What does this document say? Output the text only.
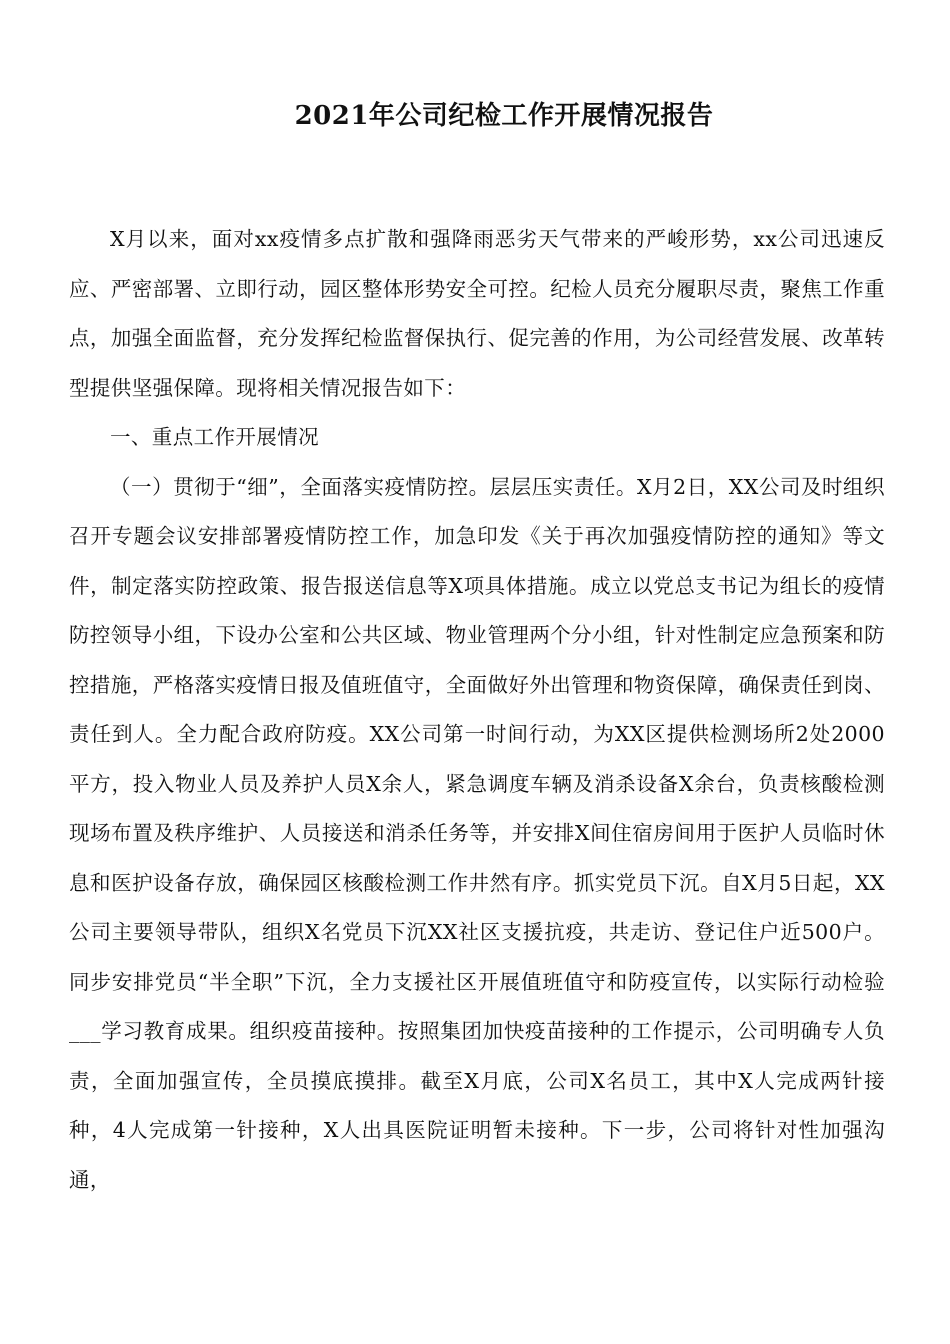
2021年公司纪检工作开展情况报告

X月以来，面对xx疫情多点扩散和强降雨恶劣天气带来的严峻形势，xx公司迅速反应、严密部署、立即行动，园区整体形势安全可控。纪检人员充分履职尽责，聚焦工作重点，加强全面监督，充分发挥纪检监督保执行、促完善的作用，为公司经营发展、改革转型提供坚强保障。现将相关情况报告如下：

一、重点工作开展情况

（一）贯彻于“细”，全面落实疫情防控。层层压实责任。X月2日，XX公司及时组织召开专题会议安排部署疫情防控工作，加急印发《关于再次加强疫情防控的通知》等文件，制定落实防控政策、报告报送信息等X项具体措施。成立以党总支书记为组长的疫情防控领导小组，下设办公室和公共区域、物业管理两个分小组，针对性制定应急预案和防控措施，严格落实疫情日报及值班值守，全面做好外出管理和物资保障，确保责任到岗、责任到人。全力配合政府防疫。XX公司第一时间行动，为XX区提供检测场所2处2000平方，投入物业人员及养护人员X余人，紧急调度车辆及消杀设备X余台，负责核酸检测现场布置及秩序维护、人员接送和消杀任务等，并安排X间住宿房间用于医护人员临时休息和医护设备存放，确保园区核酸检测工作井然有序。抓实党员下沉。自X月5日起，XX公司主要领导带队，组织X名党员下沉XX社区支援抗疫，共走访、登记住户近500户。同步安排党员“半全职”下沉，全力支援社区开展值班值守和防疫宣传，以实际行动检验___学习教育成果。组织疫苗接种。按照集团加快疫苗接种的工作提示，公司明确专人负责，全面加强宣传，全员摸底摸排。截至X月底，公司X名员工，其中X人完成两针接种，4人完成第一针接种，X人出具医院证明暂未接种。下一步，公司将针对性加强沟通，
